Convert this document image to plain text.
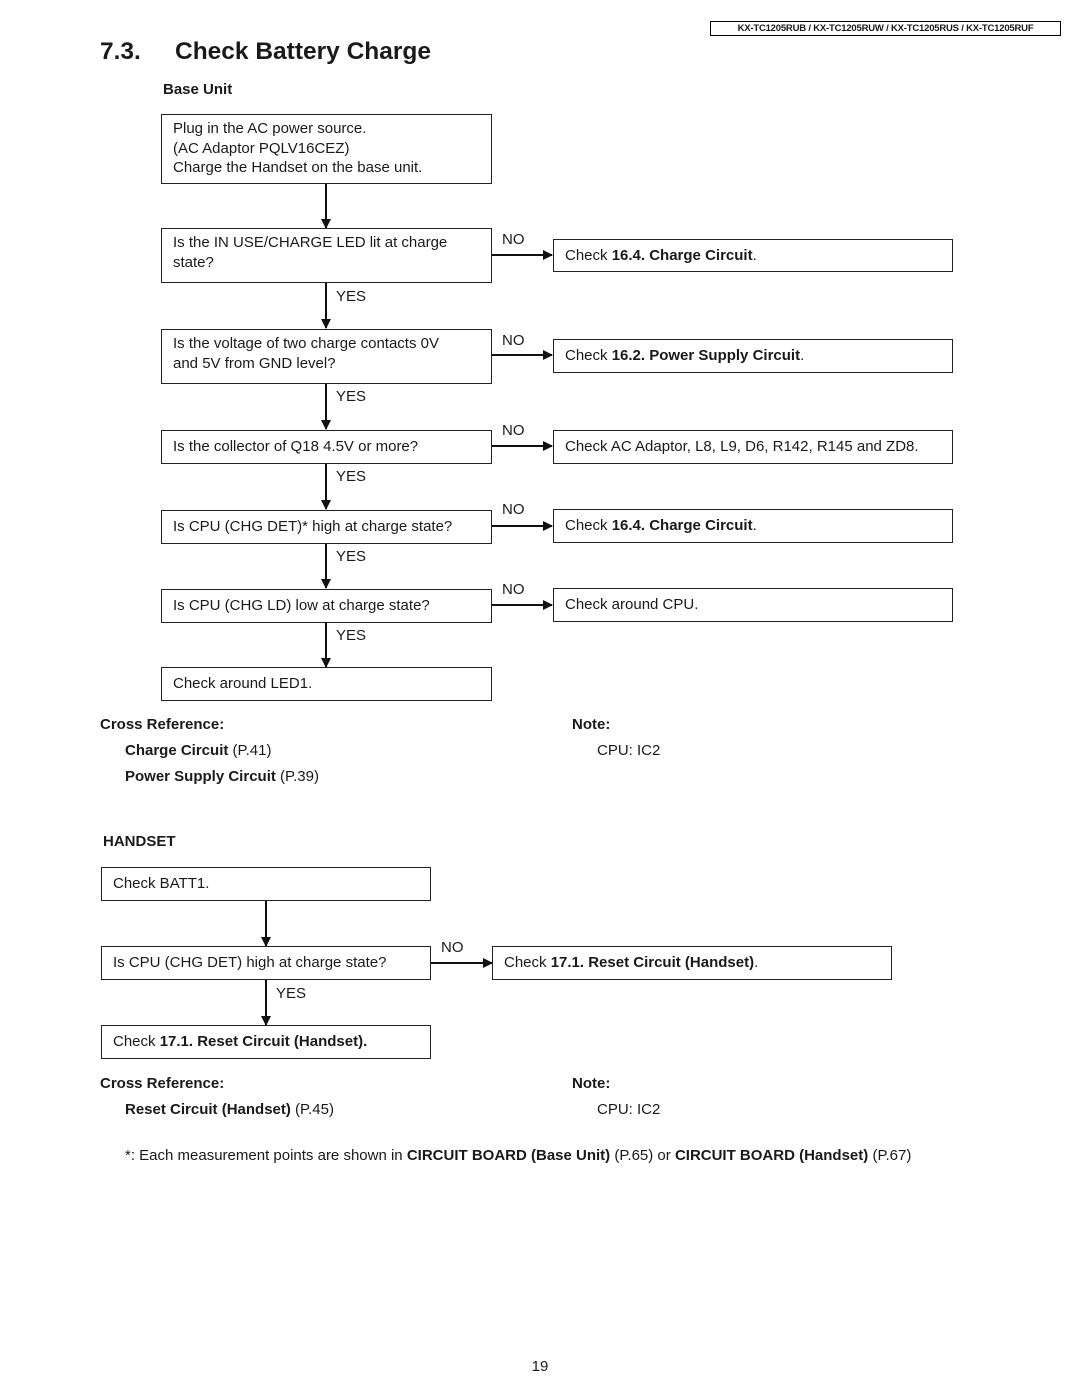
KX-TC1205RUB / KX-TC1205RUW / KX-TC1205RUS / KX-TC1205RUF
7.3. Check Battery Charge
Base Unit
Plug in the AC power source.
(AC Adaptor PQLV16CEZ)
Charge the Handset on the base unit.
Is the IN USE/CHARGE LED lit at charge
state?
NO
YES
Check 16.4. Charge Circuit .
Is the voltage of two charge contacts 0V
and 5V from GND level?
NO
YES
Check 16.2. Power Supply Circuit .
Is the collector of Q18 4.5V or more?
NO
YES
Check AC Adaptor, L8, L9, D6, R142, R145 and ZD8.
Is CPU (CHG DET)* high at charge state?
NO
YES
Check 16.4. Charge Circuit .
Is CPU (CHG LD) low at charge state?
NO
YES
Check around CPU.
Check around LED1.
Cross Reference:
Charge Circuit (P.41)
Power Supply Circuit (P.39)
Note:
CPU: IC2
HANDSET
Check BATT1.
Is CPU (CHG DET) high at charge state?
NO
YES
Check 17.1. Reset Circuit (Handset) .
Check 17.1. Reset Circuit (Handset).
Cross Reference:
Reset Circuit (Handset) (P.45)
Note:
CPU: IC2
*: Each measurement points are shown in CIRCUIT BOARD (Base Unit) (P.65) or CIRCUIT BOARD (Handset) (P.67)
19
